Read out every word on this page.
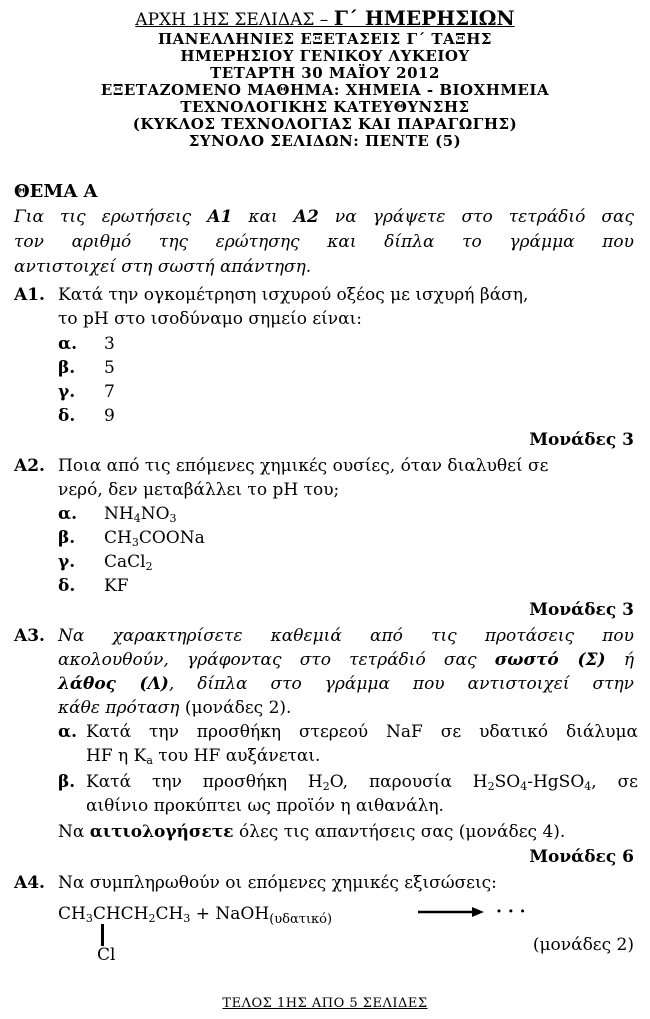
ΑΡΧΗ 1ΗΣ ΣΕΛΙΔΑΣ – Γ΄ ΗΜΕΡΗΣΙΩΝ
ΠΑΝΕΛΛΗΝΙΕΣ ΕΞΕΤΑΣΕΙΣ Γ΄ ΤΑΞΗΣ
ΗΜΕΡΗΣΙΟΥ ΓΕΝΙΚΟΥ ΛΥΚΕΙΟΥ
ΤΕΤΑΡΤΗ 30 ΜΑΪΟΥ 2012
ΕΞΕΤΑΖΟΜΕΝΟ ΜΑΘΗΜΑ: ΧΗΜΕΙΑ - ΒΙΟΧΗΜΕΙΑ
ΤΕΧΝΟΛΟΓΙΚΗΣ ΚΑΤΕΥΘΥΝΣΗΣ
(ΚΥΚΛΟΣ ΤΕΧΝΟΛΟΓΙΑΣ ΚΑΙ ΠΑΡΑΓΩΓΗΣ)
ΣΥΝΟΛΟ ΣΕΛΙΔΩΝ: ΠΕΝΤΕ (5)
ΘΕΜΑ Α
Για τις ερωτήσεις Α1 και Α2 να γράψετε στο τετράδιό σας
τον αριθμό της ερώτησης και δίπλα το γράμμα που
αντιστοιχεί στη σωστή απάντηση.
Α1. Κατά την ογκομέτρηση ισχυρού οξέος με ισχυρή βάση,
το pH στο ισοδύναμο σημείο είναι:
α. 3
β. 5
γ. 7
δ. 9
Μονάδες 3
Α2. Ποια από τις επόμενες χημικές ουσίες, όταν διαλυθεί σε
νερό, δεν μεταβάλλει το pH του;
α. $NH_4NO_3$
β. $CH_3COONa$
γ. CaCl$_2$
δ. KF
Μονάδες 3
Α3. Να χαρακτηρίσετε καθεμιά από τις προτάσεις που
ακολουθούν, γράφοντας στο τετράδιό σας σωστό (Σ) ή
λάθος (Λ), δίπλα στο γράμμα που αντιστοιχεί στην
κάθε πρόταση (μονάδες 2).
α. Κατά την προσθήκη στερεού NaF σε υδατικό διάλυμα
HF η $K_a$ του HF αυξάνεται.
β. Κατά την προσθήκη $H_2O$, παρουσία $H_2SO_4-HgSO_4$, σε
αιθίνιο προκύπτει ως προϊόν η αιθανάλη.
Να αιτιολογήσετε όλες τις απαντήσεις σας (μονάδες 4).
Μονάδες 6
Α4. Να συμπληρωθούν οι επόμενες χημικές εξισώσεις:
$CH_3CHCH_2CH_3$ + NaOH$_{(\upsilon\delta\alpha\tau\iota\kappa ό)}$	→ · · ·
Cl	(μονάδες 2)
ΤΕΛΟΣ 1ΗΣ ΑΠΟ 5 ΣΕΛΙΔΕΣ
